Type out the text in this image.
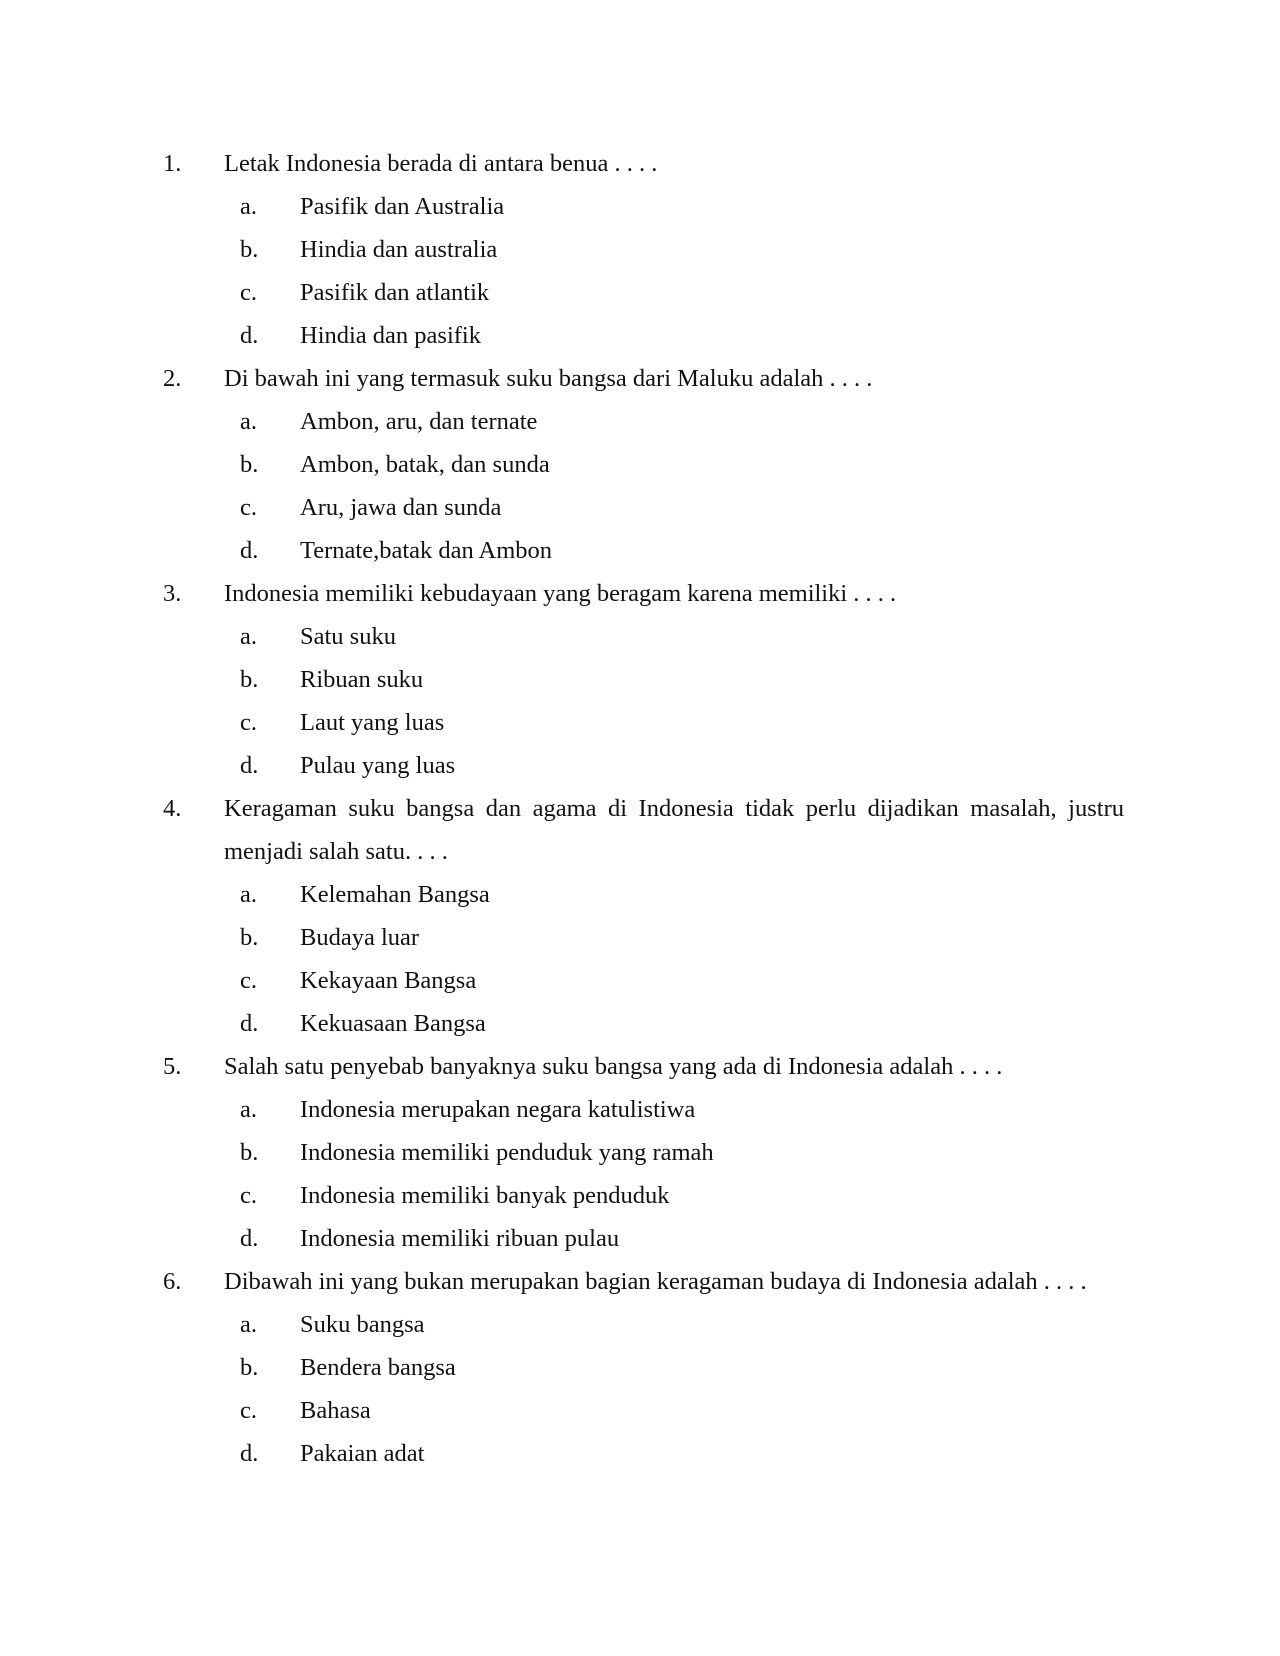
1. Letak Indonesia berada di antara benua . . . .
a. Pasifik dan Australia
b. Hindia dan australia
c. Pasifik dan atlantik
d. Hindia dan pasifik
2. Di bawah ini yang termasuk suku bangsa dari Maluku adalah . . . .
a. Ambon, aru, dan ternate
b. Ambon, batak, dan sunda
c. Aru, jawa dan sunda
d. Ternate,batak dan Ambon
3. Indonesia memiliki kebudayaan yang beragam karena memiliki . . . .
a. Satu suku
b. Ribuan suku
c. Laut yang luas
d. Pulau yang luas
4. Keragaman suku bangsa dan agama di Indonesia tidak perlu dijadikan masalah, justru
menjadi salah satu. . . .
a. Kelemahan Bangsa
b. Budaya luar
c. Kekayaan Bangsa
d. Kekuasaan Bangsa
5. Salah satu penyebab banyaknya suku bangsa yang ada di Indonesia adalah . . . .
a. Indonesia merupakan negara katulistiwa
b. Indonesia memiliki penduduk yang ramah
c. Indonesia memiliki banyak penduduk
d. Indonesia memiliki ribuan pulau
6. Dibawah ini yang bukan merupakan bagian keragaman budaya di Indonesia adalah . . . .
a. Suku bangsa
b. Bendera bangsa
c. Bahasa
d. Pakaian adat
